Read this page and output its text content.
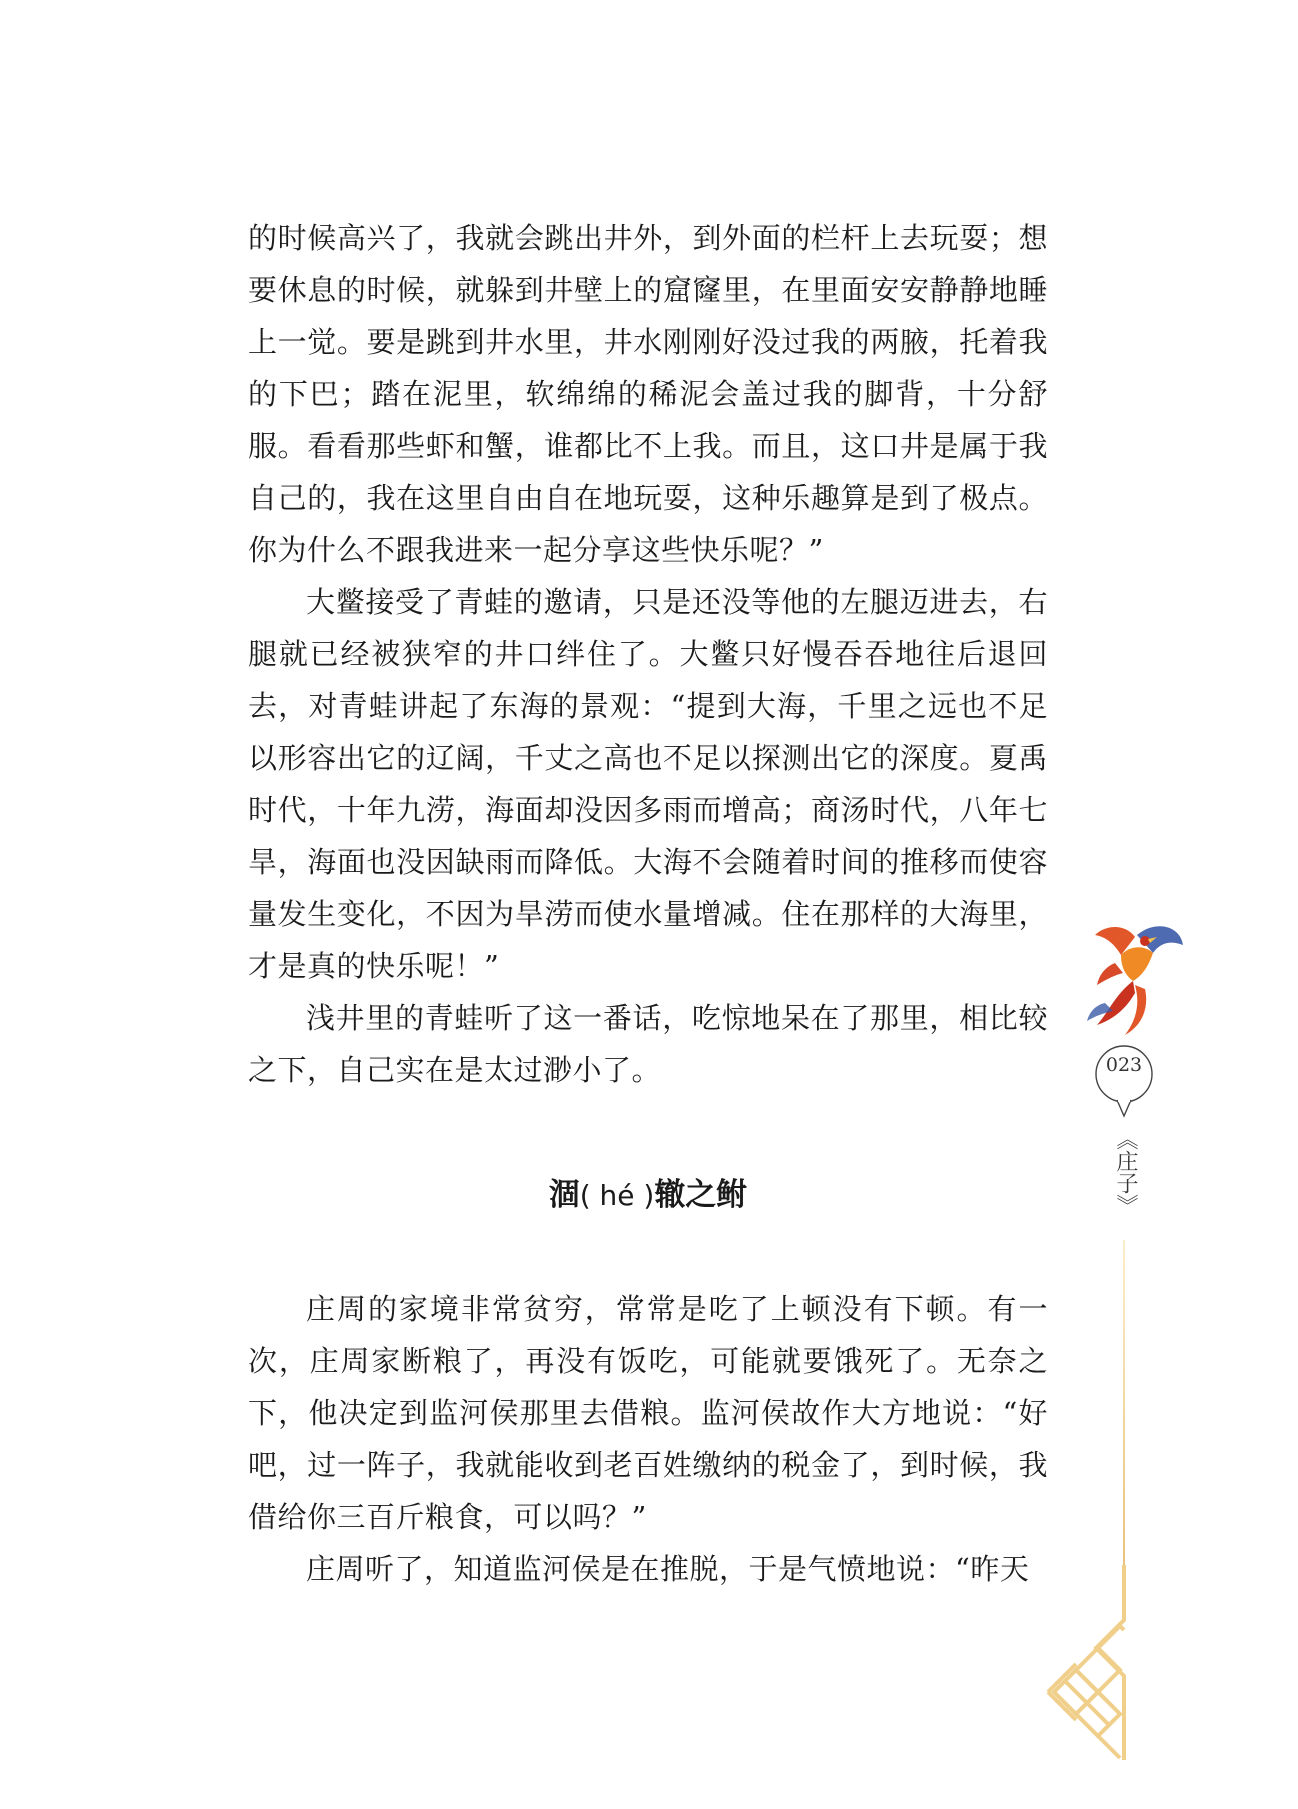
的时候高兴了，我就会跳出井外，到外面的栏杆上去玩耍；想要休息的时候，就躲到井壁上的窟窿里，在里面安安静静地睡上一觉。要是跳到井水里，井水刚刚好没过我的两腋，托着我的下巴；踏在泥里，软绵绵的稀泥会盖过我的脚背，十分舒服。看看那些虾和蟹，谁都比不上我。而且，这口井是属于我自己的，我在这里自由自在地玩耍，这种乐趣算是到了极点。你为什么不跟我进来一起分享这些快乐呢？”

大鳖接受了青蛙的邀请，只是还没等他的左腿迈进去，右腿就已经被狭窄的井口绊住了。大鳖只好慢吞吞地往后退回去，对青蛙讲起了东海的景观：“提到大海，千里之远也不足以形容出它的辽阔，千丈之高也不足以探测出它的深度。夏禹时代，十年九涝，海面却没因多雨而增高；商汤时代，八年七旱，海面也没因缺雨而降低。大海不会随着时间的推移而使容量发生变化，不因为旱涝而使水量增减。住在那样的大海里，才是真的快乐呢！”

浅井里的青蛙听了这一番话，吃惊地呆在了那里，相比较之下，自己实在是太过渺小了。

涸( hé )辙之鲋

庄周的家境非常贫穷，常常是吃了上顿没有下顿。有一次，庄周家断粮了，再没有饭吃，可能就要饿死了。无奈之下，他决定到监河侯那里去借粮。监河侯故作大方地说：“好吧，过一阵子，我就能收到老百姓缴纳的税金了，到时候，我借给你三百斤粮食，可以吗？”

庄周听了，知道监河侯是在推脱，于是气愤地说：“昨天

023
《庄子》
